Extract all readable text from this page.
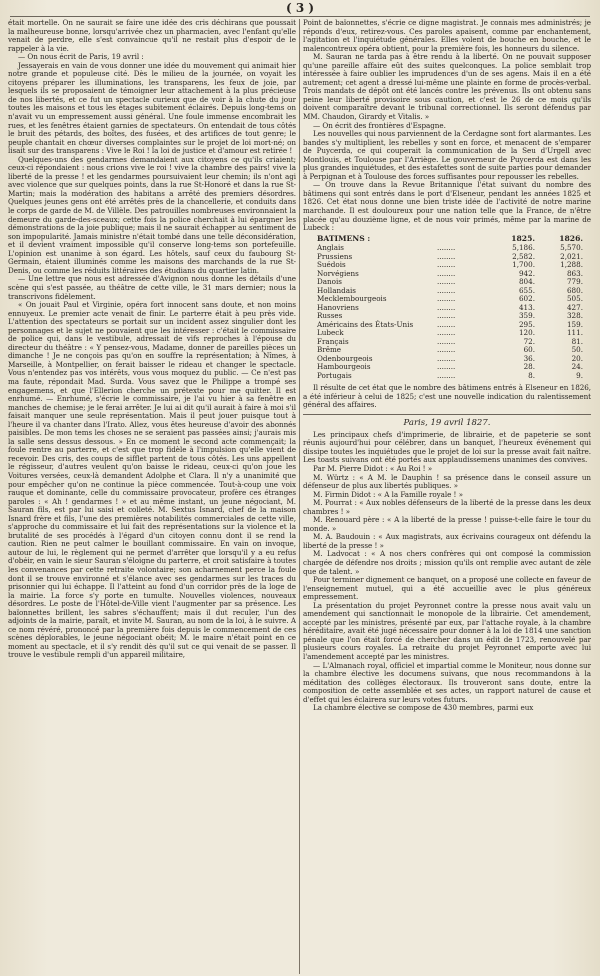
( 3 )

était mortelle. On ne saurait se faire une idée des cris déchirans que poussait la malheureuse bonne, lorsqu'arrivée chez un pharmacien, avec l'enfant qu'elle venait de perdre, elle s'est convaincue qu'il ne restait plus d'espoir de le rappeler à la vie.

— On nous écrit de Paris, 19 avril :

Jessayerais en vain de vous donner une idée du mouvement qui animait hier notre grande et populeuse cité. Dès le milieu de la journée, on voyait les citoyens préparer les illuminations, les transparens, les feux de joie, par lesquels ils se proposaient de témoigner leur attachement à la plus précieuse de nos libertés, et ce fut un spectacle curieux que de voir à la chute du jour toutes les maisons et tous les étages subitement éclairés. Depuis long-tems on n'avait vu un empressement aussi général. Une foule immense encombrait les rues, et les fenêtres étaient garnies de spectateurs. On entendait de tous côtés le bruit des pétards, des boîtes, des fusées, et des artifices de tout genre; le peuple chantait en chœur diverses complaintes sur le projet de loi mort-né; on lisait sur des transparens : Vive le Roi ! la loi de justice et d'amour est retirée !

Quelques-uns des gendarmes demandaient aux citoyens ce qu'ils criaient; ceux-ci répondaient : nous crions vive le roi ! vive la chambre des pairs! vive la liberté de la presse ! et les gendarmes poursuivaient leur chemin; ils n'ont agi avec violence que sur quelques points, dans la rue St-Honoré et dans la rue St-Martin; mais la modération des habitans a arrêté des premiers désordres. Quelques jeunes gens ont été arrêtés près de la chancellerie, et conduits dans le corps de garde de M. de Villèle. Des patrouilles nombreuses environnaient la demeure du garde-des-sceaux; cette fois la police cherchait à lui épargner les démonstrations de la joie publique; mais il ne saurait échapper au sentiment de son impopularité. Jamais ministre n'était tombé dans une telle déconsidération, et il devient vraiment impossible qu'il conserve long-tems son portefeuille. L'opinion est unanime à son égard. Les hôtels, sauf ceux du faubourg St-Germain, étaient illuminés comme les maisons des marchands de la rue St-Denis, ou comme les réduits littéraires des étudians du quartier latin.

— Une lettre que nous est adressée d'Avignon nous donne les détails d'une scène qui s'est passée, au théâtre de cette ville, le 31 mars dernier; nous la transcrivons fidèlement.

« On jouait Paul et Virginie, opéra fort innocent sans doute, et non moins ennuyeux. Le premier acte venait de finir. Le parterre était à peu près vide. L'attention des spectateurs se portait sur un incident assez singulier dont les personnages et le sujet ne pouvaient que les intéresser : c'était le commissaire de police qui, dans le vestibule, adressait de vifs reproches à l'épouse du directeur du théâtre : « Y pensez-vous, Madame, donner de pareilles pièces un dimanche ! Je ne conçois pas qu'on en souffre la représentation; à Nîmes, à Marseille, à Montpellier, on ferait baisser le rideau et changer le spectacle. Vous n'entendez pas vos intérêts, vous vous moquez du public. — Ce n'est pas ma faute, répondait Mad. Surda. Vous savez que le Philippe a trompé ses engagemens, et que l'Ellerion cherche un prétexte pour me quitter. Il est enrhumé. — Enrhumé, s'écrie le commissaire, je l'ai vu hier à sa fenêtre en manches de chemise; je le ferai arrêter. Je lui ai dit qu'il aurait à faire à moi s'il faisait manquer une seule représentation. Mais il peut jouer puisque tout à l'heure il va chanter dans l'Irato. Allez, vous êtes heureuse d'avoir des abonnés paisibles. De mon tems les choses ne se seraient pas passées ainsi; j'aurais mis la salle sens dessus dessous. » En ce moment le second acte commençait; la foule rentre au parterre, et c'est que trop fidèle à l'impulsion qu'elle vient de recevoir. Des cris, des coups de sifflet partent de tous côtés. Les uns appellent le régisseur, d'autres veulent qu'on baisse le rideau, ceux-ci qu'on joue les Voitures versées, ceux-là demandent Adolphe et Clara. Il n'y a unanimité que pour empêcher qu'on ne continue la pièce commencée. Tout-à-coup une voix rauque et dominante, celle du commissaire provocateur, profère ces étranges paroles : « Ah ! gendarmes ! » et au même instant, un jeune négociant, M. Sauran fils, est par lui saisi et colleté. M. Sextus Isnard, chef de la maison Isnard frère et fils, l'une des premières notabilités commerciales de cette ville, s'approche du commissaire et lui fait des représentations sur la violence et la brutalité de ses procédés à l'égard d'un citoyen connu dont il se rend la caution. Rien ne peut calmer le bouillant commissaire. En vain on invoque, autour de lui, le règlement qui ne permet d'arrêter que lorsqu'il y a eu refus d'obéir, en vain le sieur Sauran s'éloigne du parterre, et croit satisfaire à toutes les convenances par cette retraite volontaire; son acharnement perce la foule dont il se trouve environné et s'élance avec ses gendarmes sur les traces du prisonnier qui lui échappe. Il l'atteint au fond d'un corridor près de la loge de la mairie. La force s'y porte en tumulte. Nouvelles violences, nouveaux désordres. Le poste de l'Hôtel-de-Ville vient l'augmenter par sa présence. Les baïonnettes brillent, les sabres s'échauffent; mais il dut reculer, l'un des adjoints de la mairie, paraît, et invite M. Sauran, au nom de la loi, à le suivre. A ce nom révéré, prononcé par la première fois depuis le commencement de ces scènes déplorables, le jeune négociant obéit; M. le maire n'était point en ce moment au spectacle, et il s'y rendit dès qu'il sut ce qui venait de se passer. Il trouve le vestibule rempli d'un appareil militaire,

Point de baïonnettes, s'écrie ce digne magistrat. Je connais mes administrés; je réponds d'eux, retirez-vous. Ces paroles apaisent, comme par enchantement, l'agitation et l'inquiétude générales. Elles volent de bouche en bouche, et le malencontreux opéra obtient, pour la première fois, les honneurs du silence.

M. Sauran ne tarda pas à être rendu à la liberté. On ne pouvait supposer qu'une pareille affaire eût des suites quelconques. La police semblait trop intéressée à faire oublier les imprudences d'un de ses agens. Mais il en a été autrement; cet agent a dressé lui-même une plainte en forme de procès-verbal. Trois mandats de dépôt ont été lancés contre les prévenus. Ils ont obtenu sans peine leur liberté provisoire sous caution, et c'est le 26 de ce mois qu'ils doivent comparaître devant le tribunal correctionnel. Ils seront défendus par MM. Chaudon, Girardy et Vitalis. »

— On écrit des frontières d'Espagne.

Les nouvelles qui nous parviennent de la Cerdagne sont fort alarmantes. Les bandes s'y multiplient, les rebelles y sont en force, et menacent de s'emparer de Puycerda, ce qui couperait la communication de la Seu d'Urgell avec Montlouis, et Toulouse par l'Arriège. Le gouverneur de Puycerda est dans les plus grandes inquiétudes, et des estafettes sont de suite parties pour demander à Perpignan et à Toulouse des forces suffisantes pour repousser les rebelles.

— On trouve dans la Revue Britannique l'état suivant du nombre des bâtimens qui sont entrés dans le port d'Elseneur, pendant les années 1825 et 1826. Cet état nous donne une bien triste idée de l'activité de notre marine marchande. Il est douloureux pour une nation telle que la France, de n'être placée qu'au douzième ligne, et de nous voir primés, même par la marine de Lubeck :

BATIMENS :		1825.	1826.
Anglais	........	5,186.	5,570.
Prussiens	........	2,582.	2,021.
Suédois	........	1,700.	1,288.
Norvégiens	........	942.	863.
Danois	........	804.	779.
Hollandais	........	655.	680.
Mecklembourgeois	........	602.	505.
Hanovriens	........	413.	427.
Russes	........	359.	328.
Américains des États-Unis	........	295.	159.
Lubeck	........	120.	111.
Français	........	72.	81.
Brême	........	60.	50.
Odenbourgeois	........	36.	20.
Hambourgeois	........	28.	24.
Portugais	........	8.	9.

Il résulte de cet état que le nombre des bâtimens entrés à Elseneur en 1826, a été inférieur à celui de 1825; c'est une nouvelle indication du ralentissement général des affaires.

Paris, 19 avril 1827.

Les principaux chefs d'imprimerie, de librairie, et de papeterie se sont réunis aujourd'hui pour célébrer, dans un banquet, l'heureux événement qui dissipe toutes les inquiétudes que le projet de loi sur la presse avait fait naître. Les toasts suivans ont été portés aux applaudissemens unanimes des convives.

Par M. Pierre Didot : « Au Roi ! »

M. Würtz : « A M. le Dauphin ! sa présence dans le conseil assure un défenseur de plus aux libertés publiques. »

M. Firmin Didot : « A la Famille royale ! »

M. Pourrat : « Aux nobles défenseurs de la liberté de la presse dans les deux chambres ! »

M. Renouard père : « A la liberté de la presse ! puisse-t-elle faire le tour du monde. »

M. A. Baudouin : « Aux magistrats, aux écrivains courageux ont défendu la liberté de la presse ! »

M. Ladvocat : « A nos chers confrères qui ont composé la commission chargée de défendre nos droits ; mission qu'ils ont remplie avec autant de zèle que de talent. »

Pour terminer dignement ce banquet, on a proposé une collecte en faveur de l'enseignement mutuel, qui a été accueillie avec le plus généreux empressement.

La présentation du projet Peyronnet contre la presse nous avait valu un amendement qui sanctionnait le monopole de la librairie. Cet amendement, accepté par les ministres, présenté par eux, par l'attache royale, à la chambre héréditaire, avait été jugé nécessaire pour donner à la loi de 1814 une sanction pénale que l'on était forcé de chercher dans un édit de 1723, renouvelé par plusieurs cours royales. La retraite du projet Peyronnet emporte avec lui l'amendement accepté par les ministres.

— L'Almanach royal, officiel et impartial comme le Moniteur, nous donne sur la chambre élective les documens suivans, que nous recommandons à la méditation des collèges électoraux. Ils trouveront sans doute, entre la composition de cette assemblée et ses actes, un rapport naturel de cause et d'effet qui les éclairera sur leurs votes futurs.

La chambre élective se compose de 430 membres, parmi eux
